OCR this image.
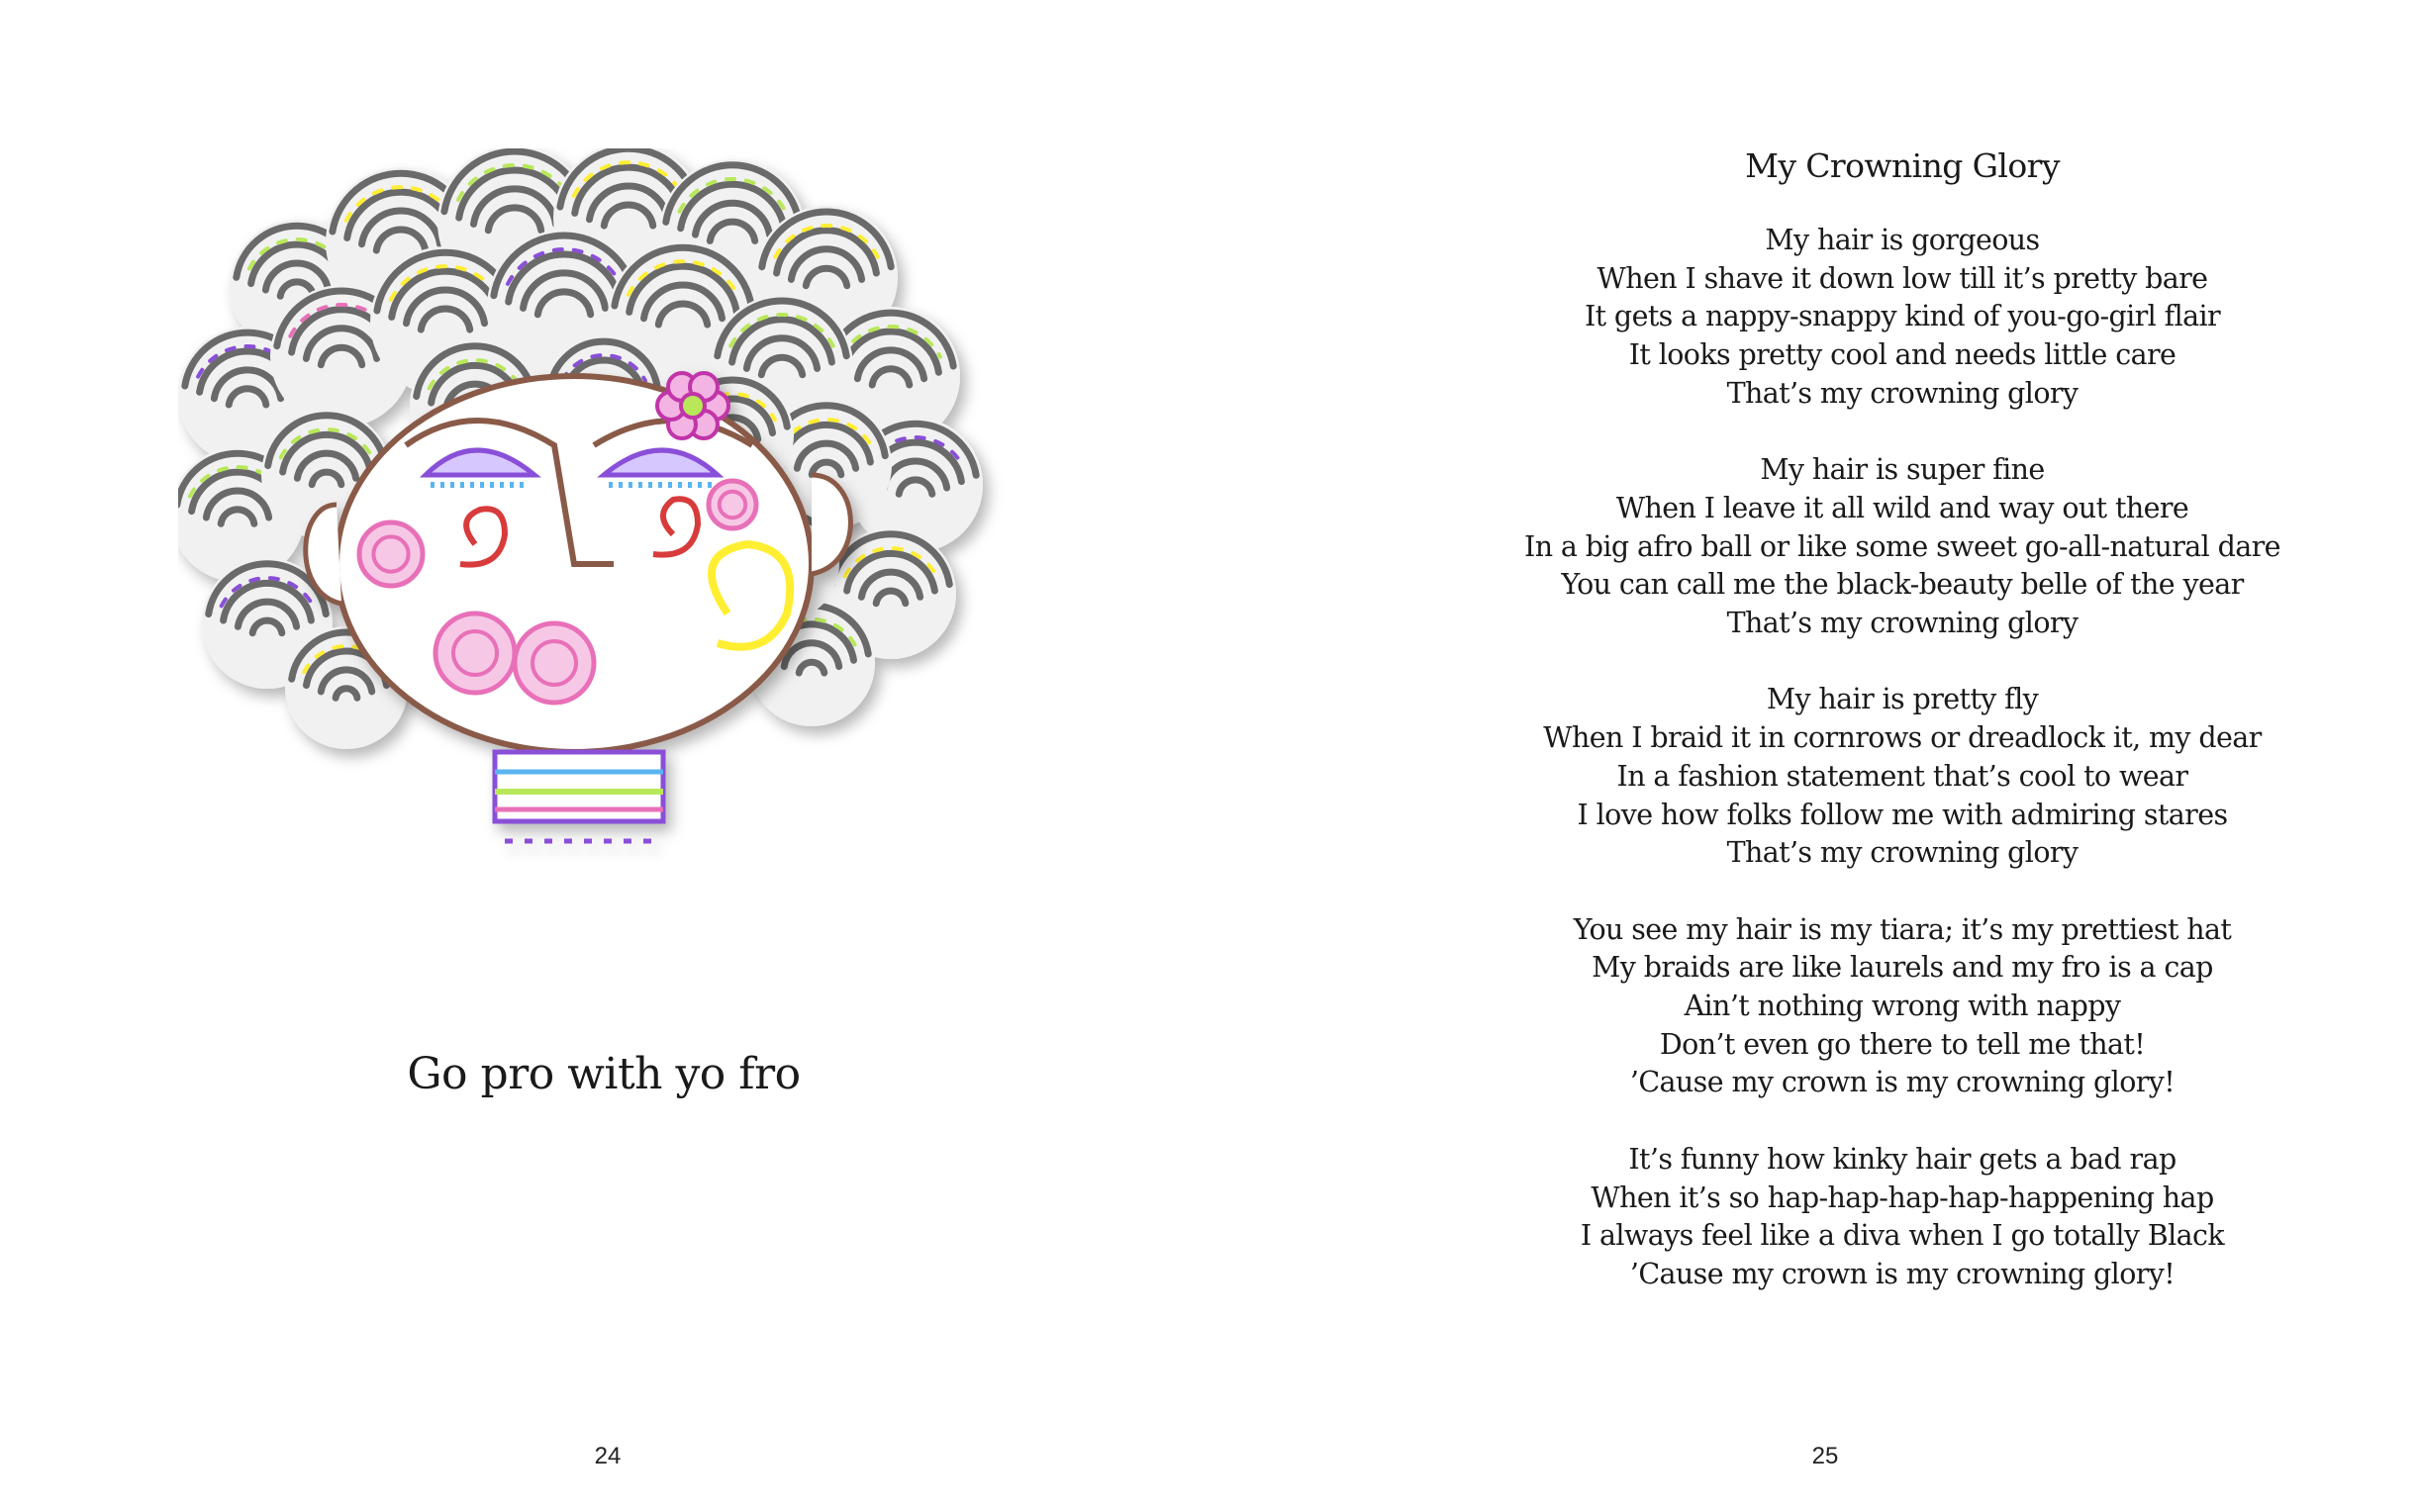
Go pro with yo fro
24
My Crowning Glory
My hair is gorgeous
When I shave it down low till it’s pretty bare
It gets a nappy-snappy kind of you-go-girl flair
It looks pretty cool and needs little care
That’s my crowning glory
My hair is super fine
When I leave it all wild and way out there
In a big afro ball or like some sweet go-all-natural dare
You can call me the black-beauty belle of the year
That’s my crowning glory
My hair is pretty fly
When I braid it in cornrows or dreadlock it, my dear
In a fashion statement that’s cool to wear
I love how folks follow me with admiring stares
That’s my crowning glory
You see my hair is my tiara; it’s my prettiest hat
My braids are like laurels and my fro is a cap
Ain’t nothing wrong with nappy
Don’t even go there to tell me that!
’Cause my crown is my crowning glory!
It’s funny how kinky hair gets a bad rap
When it’s so hap-hap-hap-hap-happening hap
I always feel like a diva when I go totally Black
’Cause my crown is my crowning glory!
25
